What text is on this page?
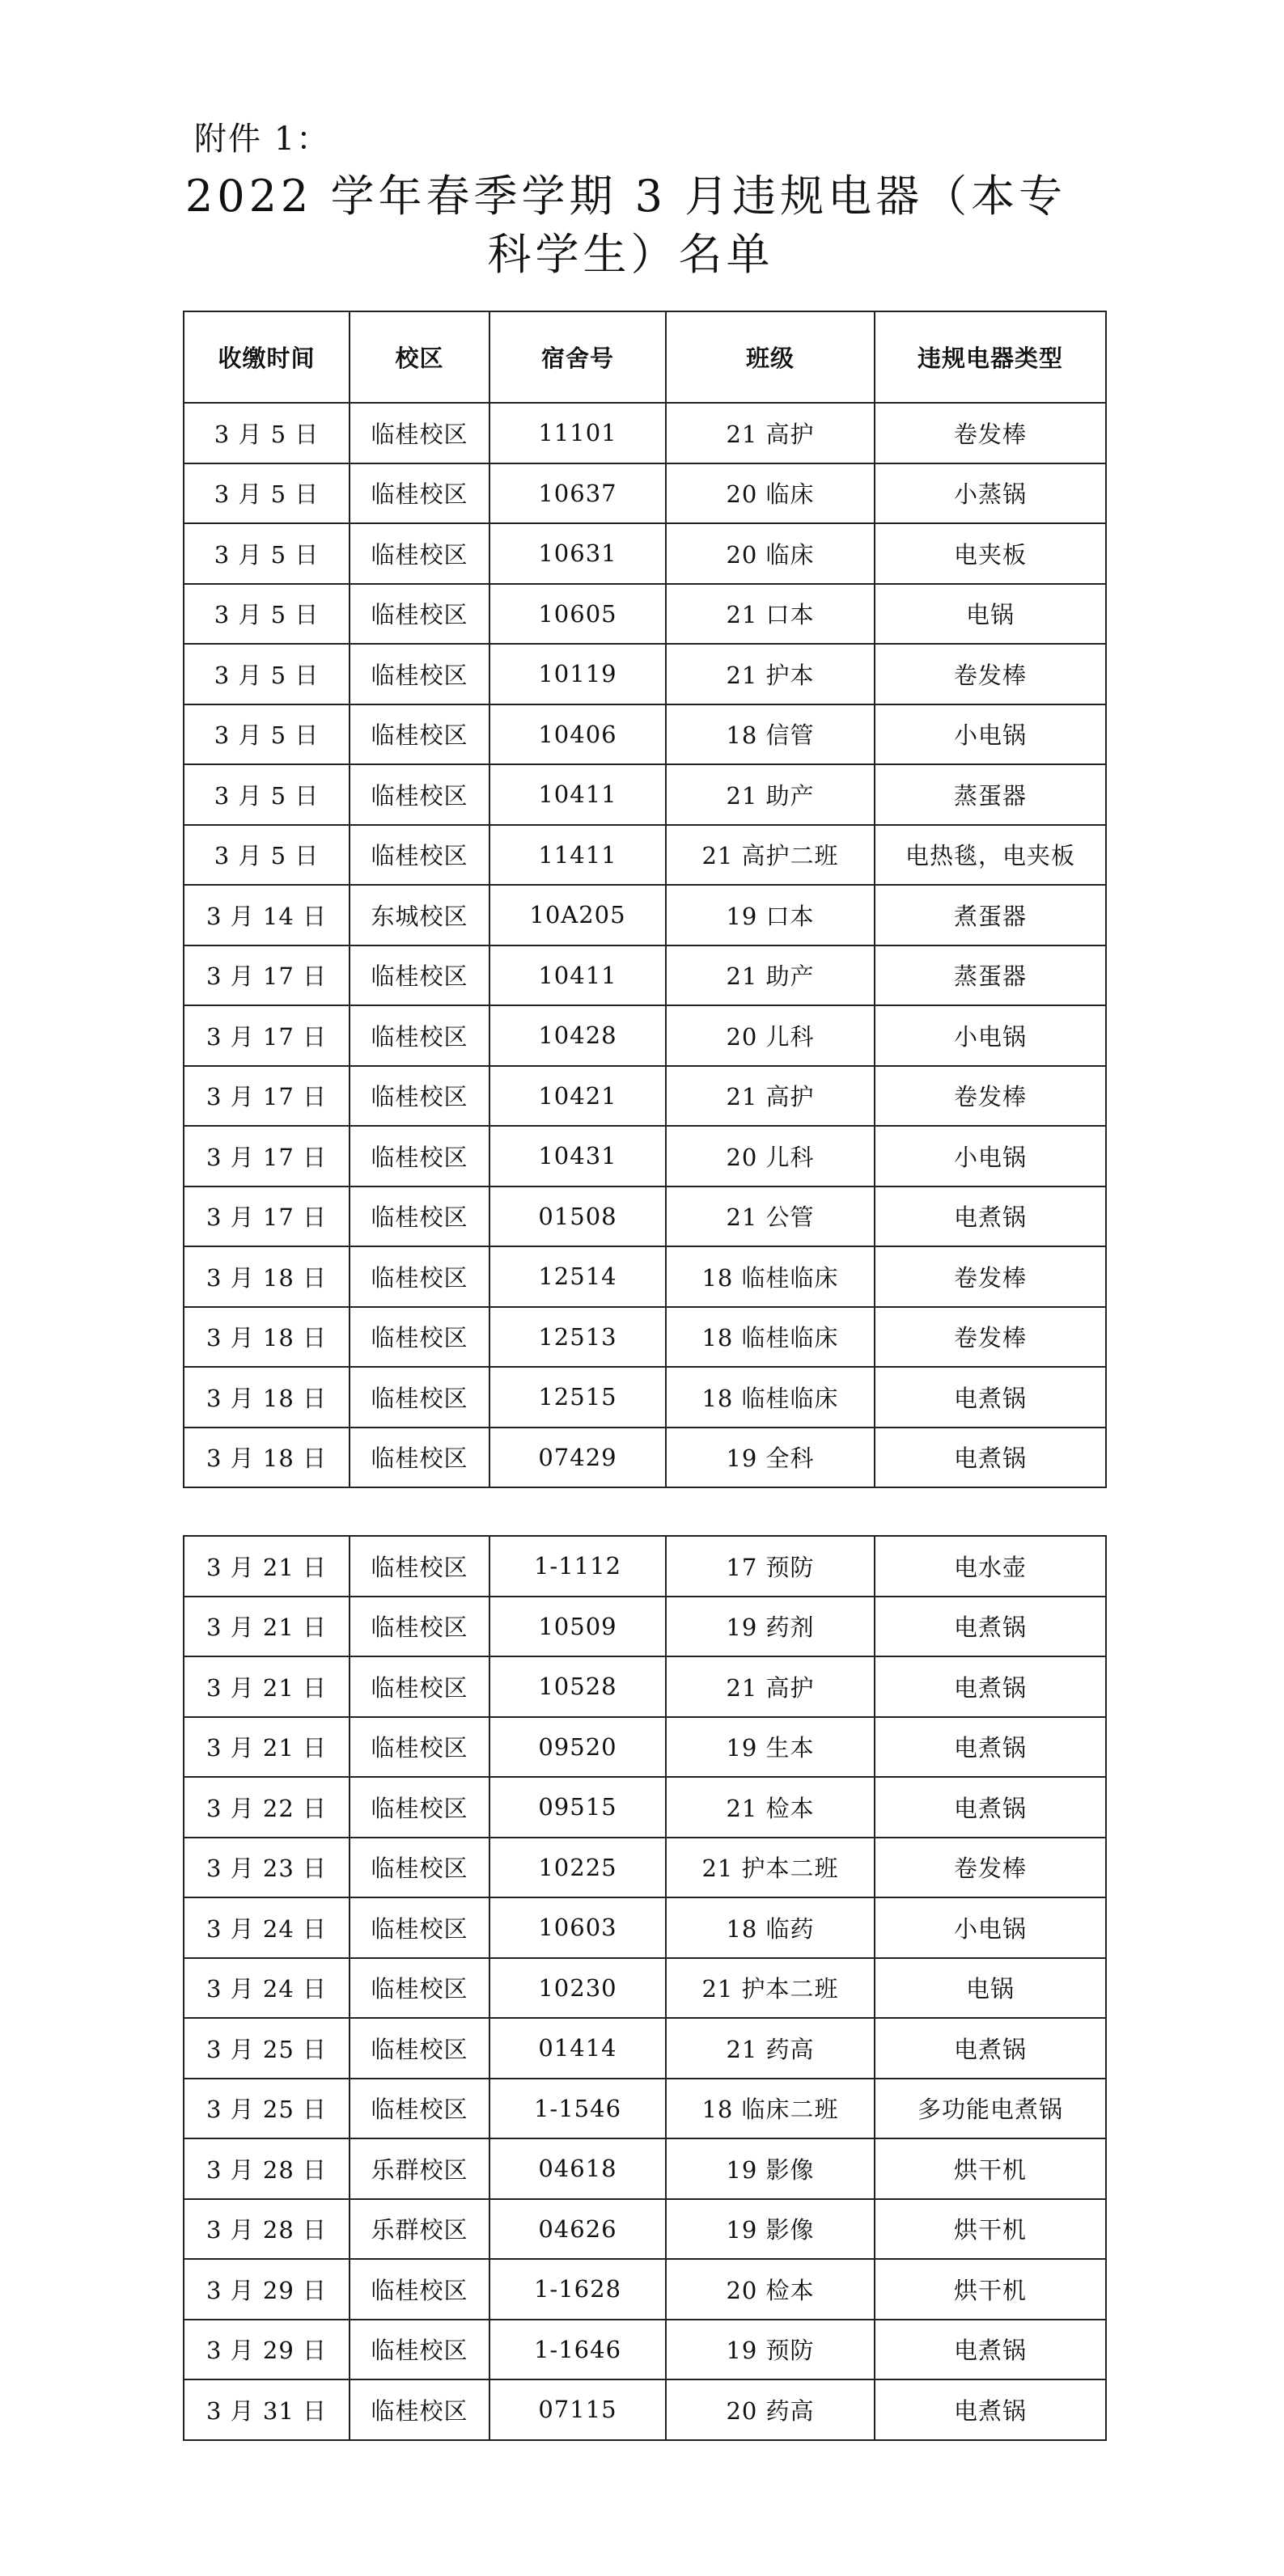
附件 1：
2022 学年春季学期 3 月违规电器（本专
科学生）名单
收缴时间	校区	宿舍号	班级	违规电器类型
3 月 5 日	临桂校区	11101	21 高护	卷发棒
3 月 5 日	临桂校区	10637	20 临床	小蒸锅
3 月 5 日	临桂校区	10631	20 临床	电夹板
3 月 5 日	临桂校区	10605	21 口本	电锅
3 月 5 日	临桂校区	10119	21 护本	卷发棒
3 月 5 日	临桂校区	10406	18 信管	小电锅
3 月 5 日	临桂校区	10411	21 助产	蒸蛋器
3 月 5 日	临桂校区	11411	21 高护二班	电热毯，电夹板
3 月 14 日	东城校区	10A205	19 口本	煮蛋器
3 月 17 日	临桂校区	10411	21 助产	蒸蛋器
3 月 17 日	临桂校区	10428	20 儿科	小电锅
3 月 17 日	临桂校区	10421	21 高护	卷发棒
3 月 17 日	临桂校区	10431	20 儿科	小电锅
3 月 17 日	临桂校区	01508	21 公管	电煮锅
3 月 18 日	临桂校区	12514	18 临桂临床	卷发棒
3 月 18 日	临桂校区	12513	18 临桂临床	卷发棒
3 月 18 日	临桂校区	12515	18 临桂临床	电煮锅
3 月 18 日	临桂校区	07429	19 全科	电煮锅
3 月 21 日	临桂校区	1-1112	17 预防	电水壶
3 月 21 日	临桂校区	10509	19 药剂	电煮锅
3 月 21 日	临桂校区	10528	21 高护	电煮锅
3 月 21 日	临桂校区	09520	19 生本	电煮锅
3 月 22 日	临桂校区	09515	21 检本	电煮锅
3 月 23 日	临桂校区	10225	21 护本二班	卷发棒
3 月 24 日	临桂校区	10603	18 临药	小电锅
3 月 24 日	临桂校区	10230	21 护本二班	电锅
3 月 25 日	临桂校区	01414	21 药高	电煮锅
3 月 25 日	临桂校区	1-1546	18 临床二班	多功能电煮锅
3 月 28 日	乐群校区	04618	19 影像	烘干机
3 月 28 日	乐群校区	04626	19 影像	烘干机
3 月 29 日	临桂校区	1-1628	20 检本	烘干机
3 月 29 日	临桂校区	1-1646	19 预防	电煮锅
3 月 31 日	临桂校区	07115	20 药高	电煮锅
